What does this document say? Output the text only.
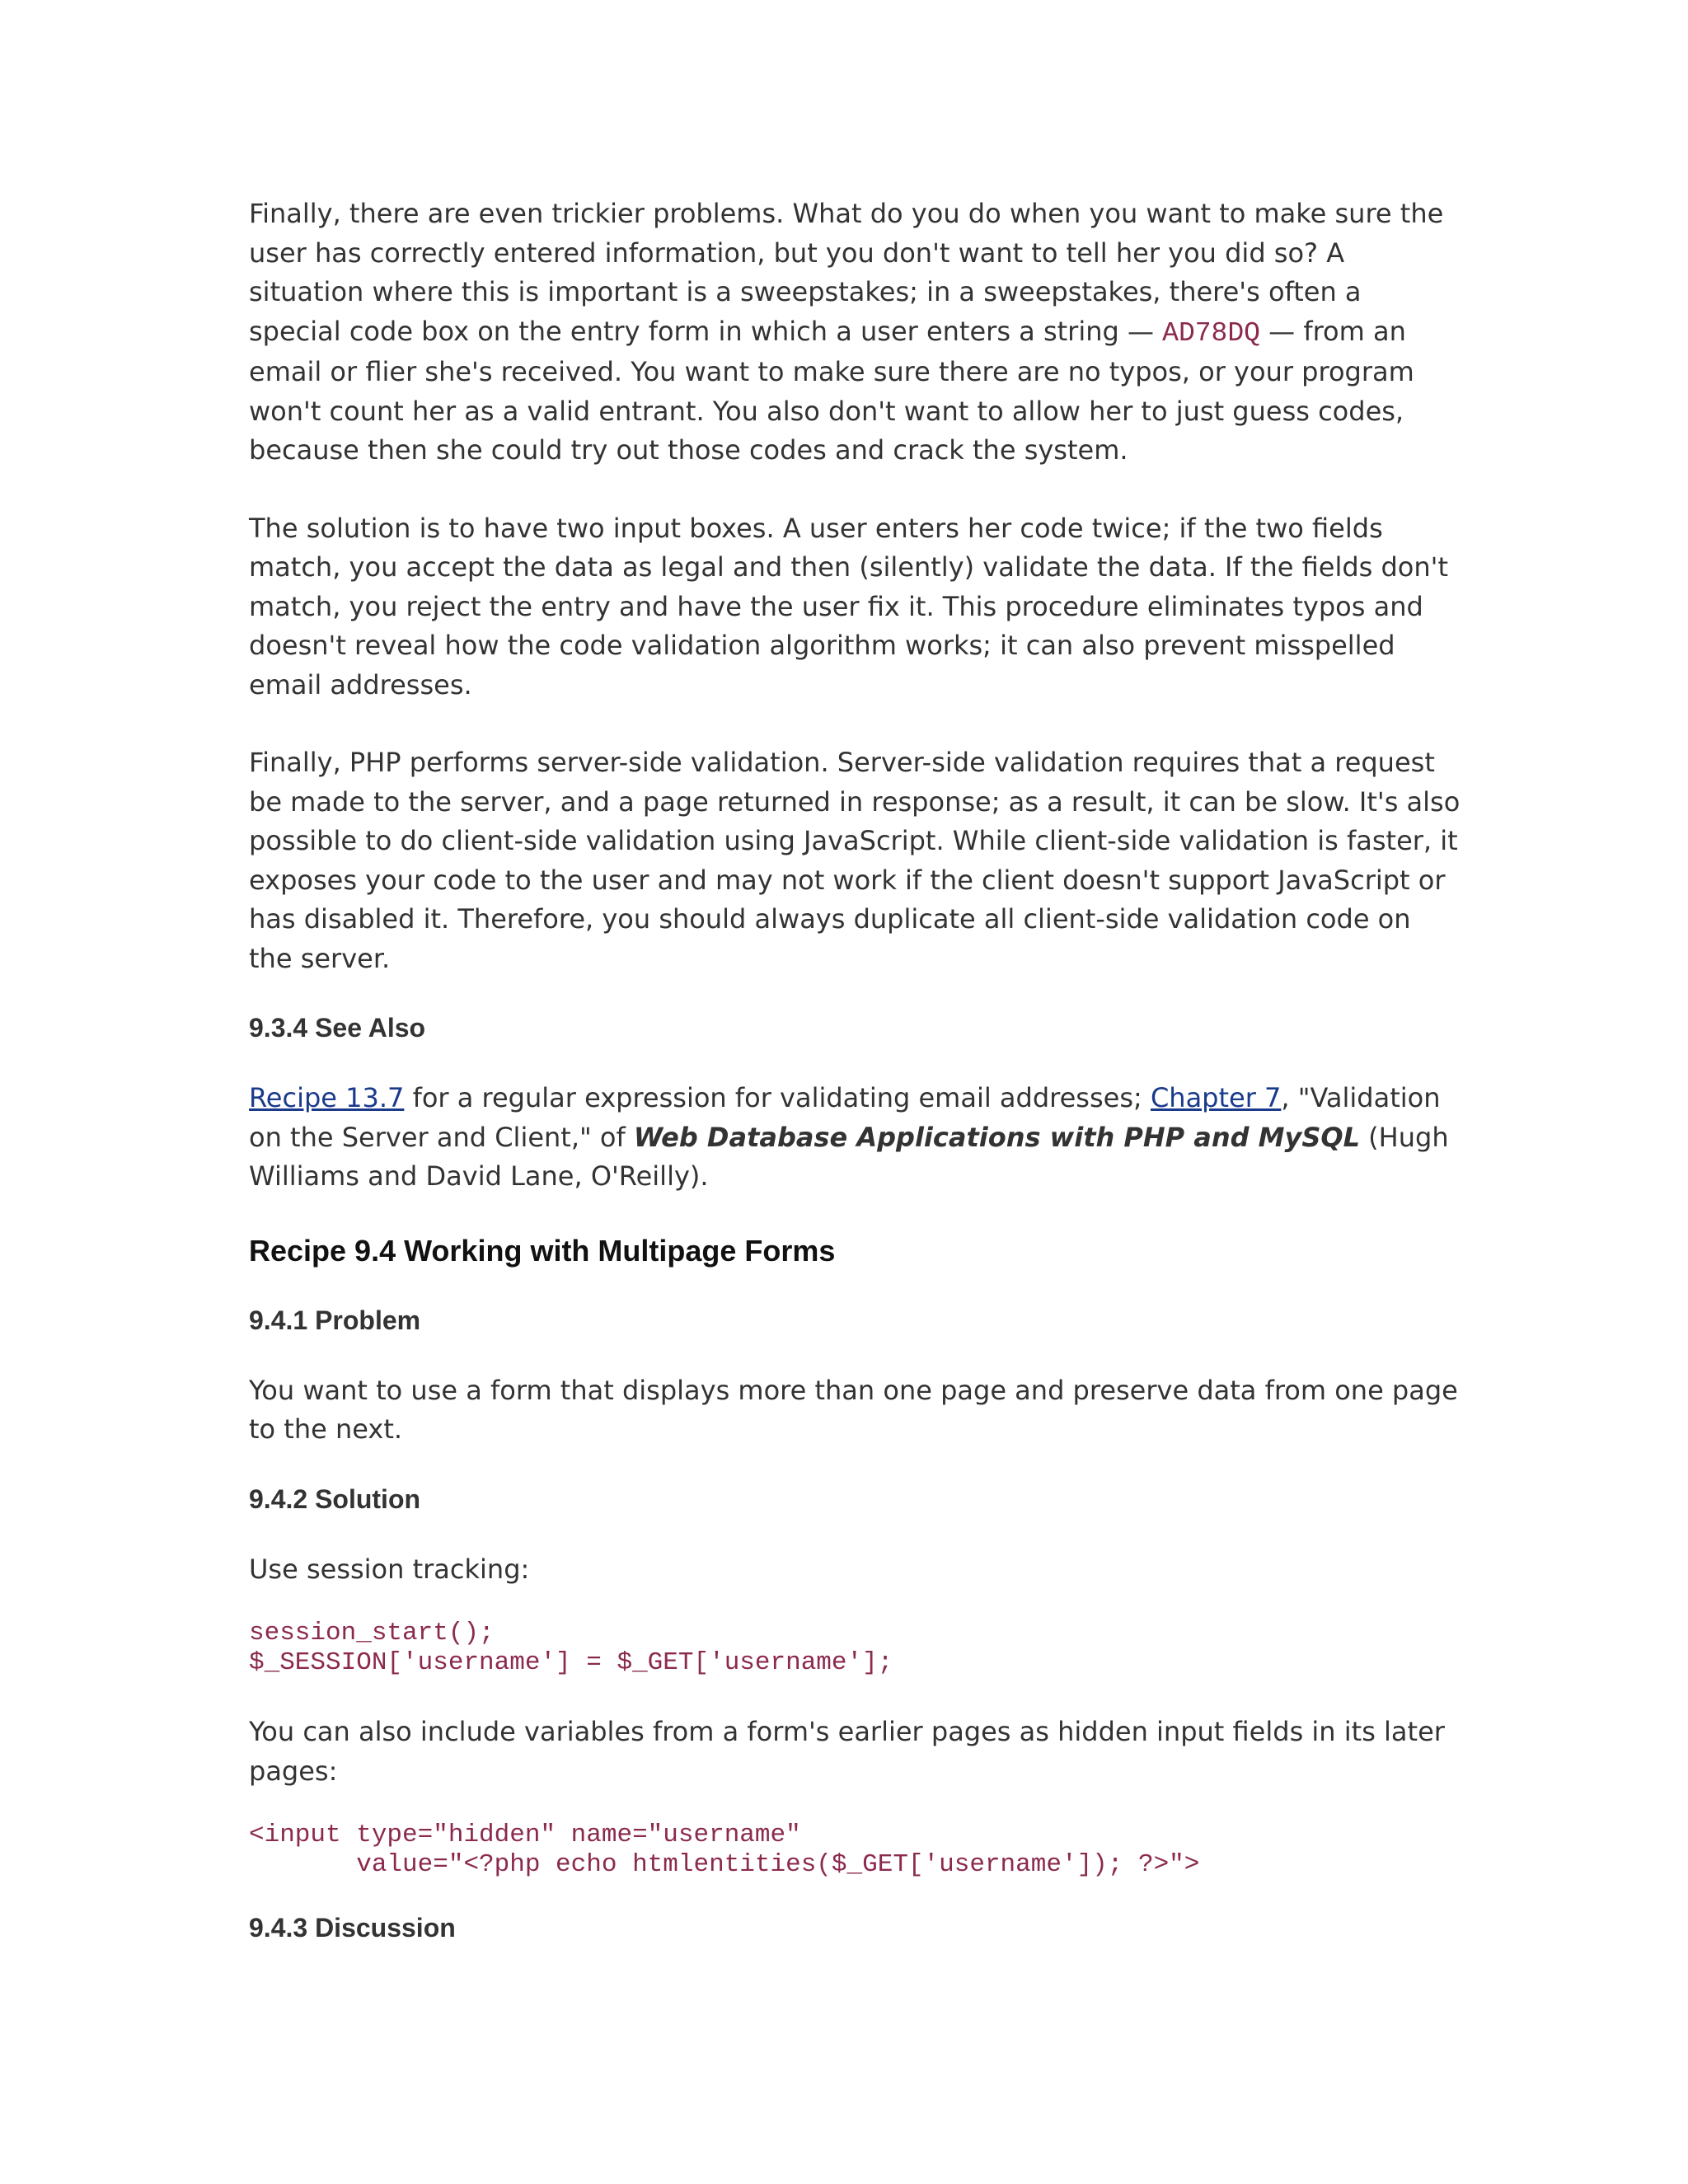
Finally, there are even trickier problems. What do you do when you want to make sure the user has correctly entered information, but you don't want to tell her you did so? A situation where this is important is a sweepstakes; in a sweepstakes, there's often a special code box on the entry form in which a user enters a string — AD78DQ — from an email or flier she's received. You want to make sure there are no typos, or your program won't count her as a valid entrant. You also don't want to allow her to just guess codes, because then she could try out those codes and crack the system.

The solution is to have two input boxes. A user enters her code twice; if the two fields match, you accept the data as legal and then (silently) validate the data. If the fields don't match, you reject the entry and have the user fix it. This procedure eliminates typos and doesn't reveal how the code validation algorithm works; it can also prevent misspelled email addresses.

Finally, PHP performs server-side validation. Server-side validation requires that a request be made to the server, and a page returned in response; as a result, it can be slow. It's also possible to do client-side validation using JavaScript. While client-side validation is faster, it exposes your code to the user and may not work if the client doesn't support JavaScript or has disabled it. Therefore, you should always duplicate all client-side validation code on the server.

9.3.4 See Also

Recipe 13.7 for a regular expression for validating email addresses; Chapter 7, "Validation on the Server and Client," of Web Database Applications with PHP and MySQL (Hugh Williams and David Lane, O'Reilly).

Recipe 9.4 Working with Multipage Forms
9.4.1 Problem

You want to use a form that displays more than one page and preserve data from one page to the next.

9.4.2 Solution

Use session tracking:

session_start();
$_SESSION['username'] = $_GET['username'];

You can also include variables from a form's earlier pages as hidden input fields in its later pages:

<input type="hidden" name="username"
value="<?php echo htmlentities($_GET['username']); ?>">
9.4.3 Discussion
